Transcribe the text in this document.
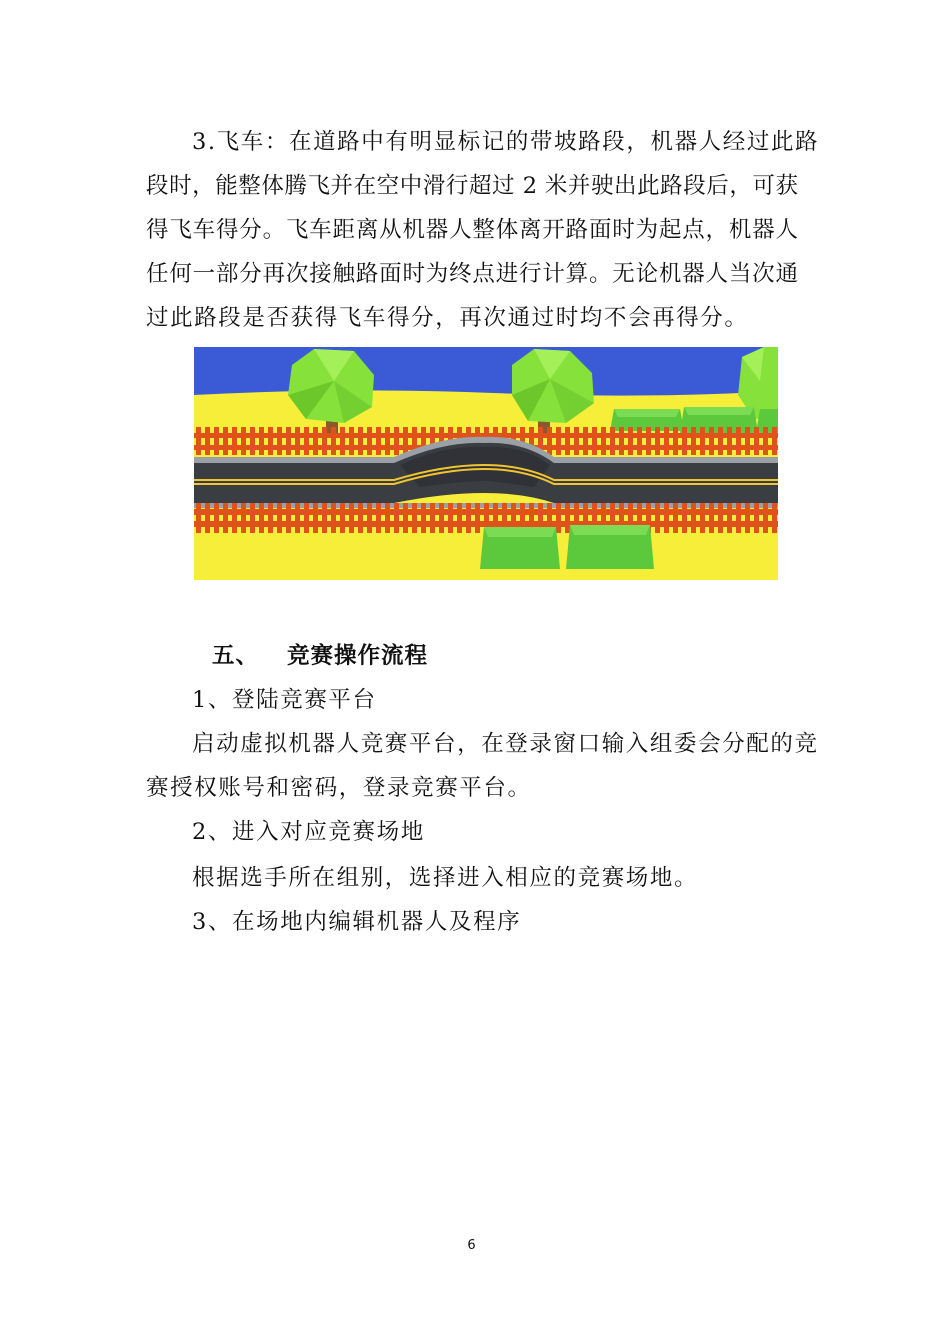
3.飞车：在道路中有明显标记的带坡路段，机器人经过此路
段时，能整体腾飞并在空中滑行超过 2 米并驶出此路段后，可获
得飞车得分。飞车距离从机器人整体离开路面时为起点，机器人
任何一部分再次接触路面时为终点进行计算。无论机器人当次通
过此路段是否获得飞车得分，再次通过时均不会再得分。
五、 竞赛操作流程
1、登陆竞赛平台
启动虚拟机器人竞赛平台，在登录窗口输入组委会分配的竞
赛授权账号和密码，登录竞赛平台。
2、进入对应竞赛场地
根据选手所在组别，选择进入相应的竞赛场地。
3、在场地内编辑机器人及程序
6
